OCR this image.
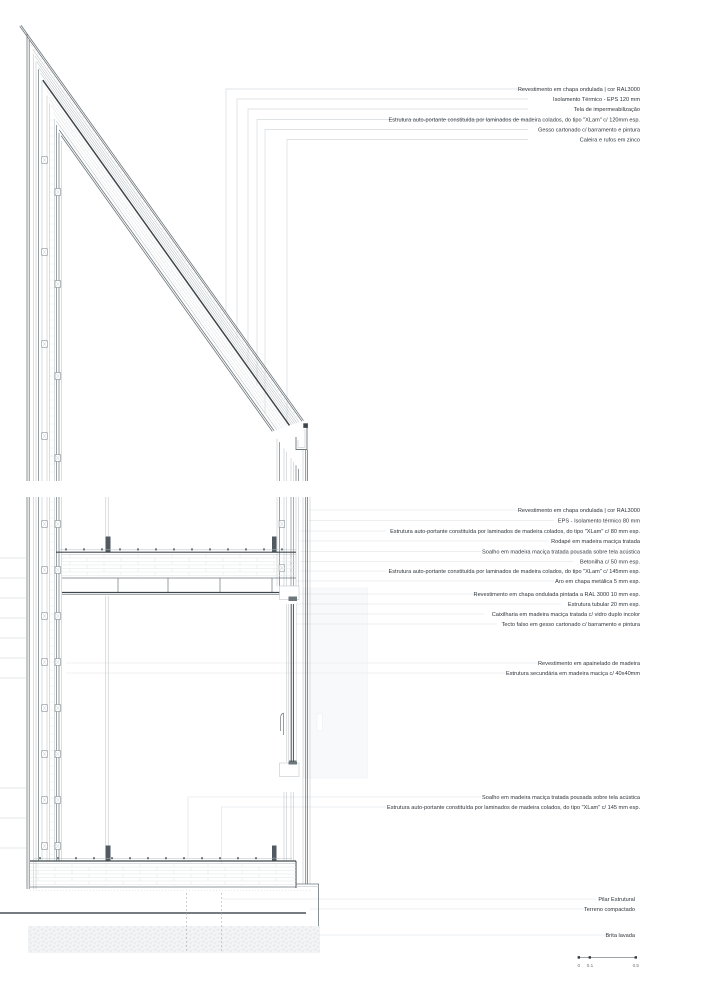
Revestimento em chapa ondulada | cor RAL3000
Isolamento Térmico - EPS 120 mm
Tela de impermeabilização
Estrutura auto-portante constituída por laminados de madeira colados, do tipo "XLam" c/ 120mm esp.
Gesso cartonado c/ barramento e pintura
Caleira e rufos em zinco
Revestimento em chapa ondulada | cor RAL3000
EPS - Isolamento térmico 80 mm
Estrutura auto-portante constituída por laminados de madeira colados, do tipo "XLam" c/ 80 mm esp.
Rodapé em madeira maciça tratada
Soalho em madeira maciça tratada pousada sobre tela acústica
Betonilha c/ 50 mm esp.
Estrutura auto-portante constituída por laminados de madeira colados, do tipo "XLam" c/ 145mm esp.
Aro em chapa metálica 5 mm esp.
Revestimento em chapa ondulada pintada a RAL 3000 10 mm esp.
Estrutura tubular 20 mm esp.
Caixilharia em madeira maciça tratada c/ vidro duplo incolor
Tecto falso em gesso cartonado c/ barramento e pintura
Revestimento em apainelado de madeira
Estrutura secundária em madeira maciça c/ 40x40mm
Soalho em madeira maciça tratada pousada sobre tela acústica
Estrutura auto-portante constituída por laminados de madeira colados, do tipo "XLam" c/ 145 mm esp.
Pilar Estrutural
Terreno compactado
Brita lavada
0 0.1	0.5
